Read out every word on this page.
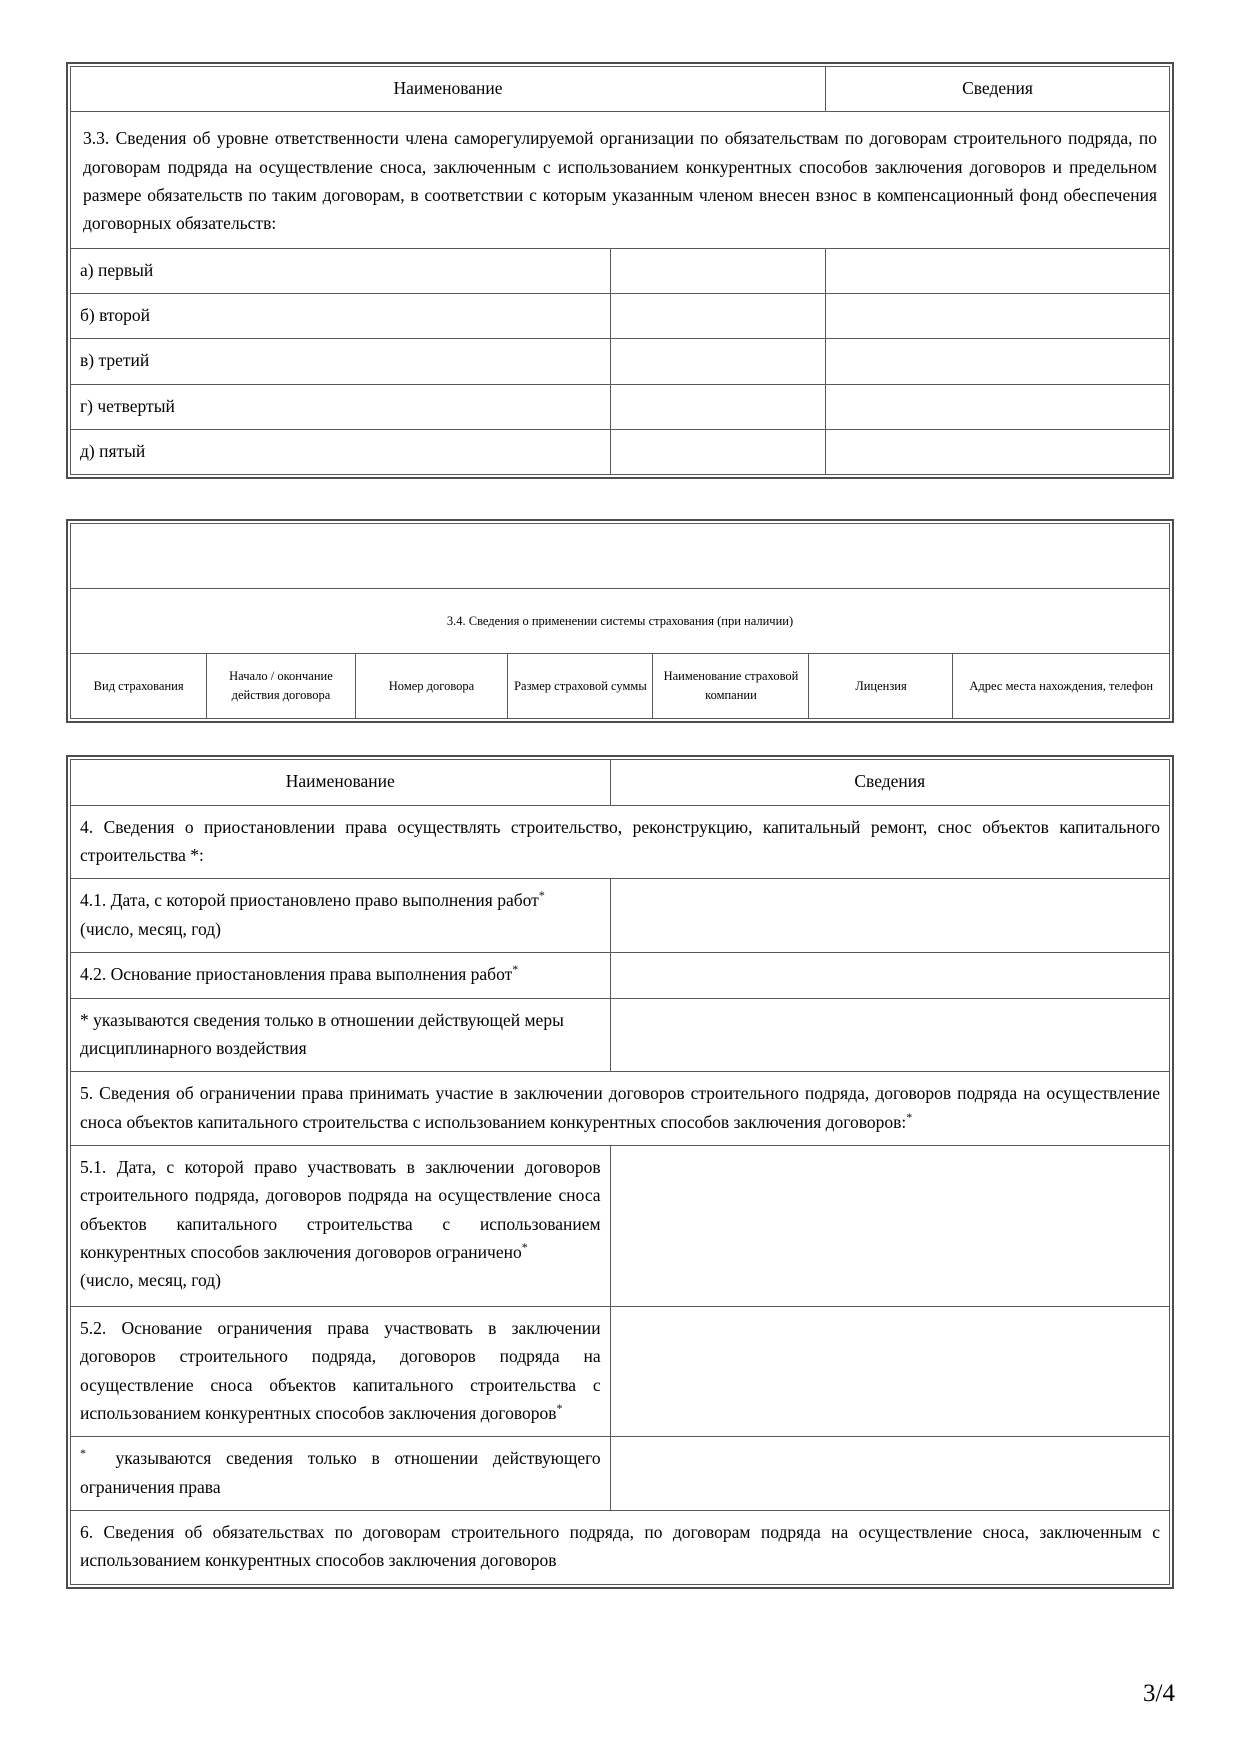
Наименование		Сведения
3.3. Сведения об уровне ответственности члена саморегулируемой организации по обязательствам по договорам строительного подряда, по договорам подряда на осуществление сноса, заключенным с использованием конкурентных способов заключения договоров и предельном размере обязательств по таким договорам, в соответствии с которым указанным членом внесен взнос в компенсационный фонд обеспечения договорных обязательств:		
а) первый		
б) второй		
в) третий		
г) четвертый		
д) пятый		

3.4. Сведения о применении системы страхования (при наличии)
Вид страхования	Начало / окончание действия договора	Номер договора	Размер страховой суммы	Наименование страховой компании	Лицензия	Адрес места нахождения, телефон
Наименование	Сведения
4. Сведения о приостановлении права осуществлять строительство, реконструкцию, капитальный ремонт, снос объектов капитального строительства *:	
4.1. Дата, с которой приостановлено право выполнения работ*
(число, месяц, год)	
4.2. Основание приостановления права выполнения работ*	
* указываются сведения только в отношении действующей меры дисциплинарного воздействия	
5. Сведения об ограничении права принимать участие в заключении договоров строительного подряда, договоров подряда на осуществление сноса объектов капитального строительства с использованием конкурентных способов заключения договоров:*
5.1. Дата, с которой право участвовать в заключении договоров строительного подряда, договоров подряда на осуществление сноса объектов капитального строительства с использованием конкурентных способов заключения договоров ограничено*
(число, месяц, год)	
5.2. Основание ограничения права участвовать в заключении договоров строительного подряда, договоров подряда на осуществление сноса объектов капитального строительства с использованием конкурентных способов заключения договоров*	
* указываются сведения только в отношении действующего ограничения права	
6. Сведения об обязательствах по договорам строительного подряда, по договорам подряда на осуществление сноса, заключенным с использованием конкурентных способов заключения договоров	
3/4
